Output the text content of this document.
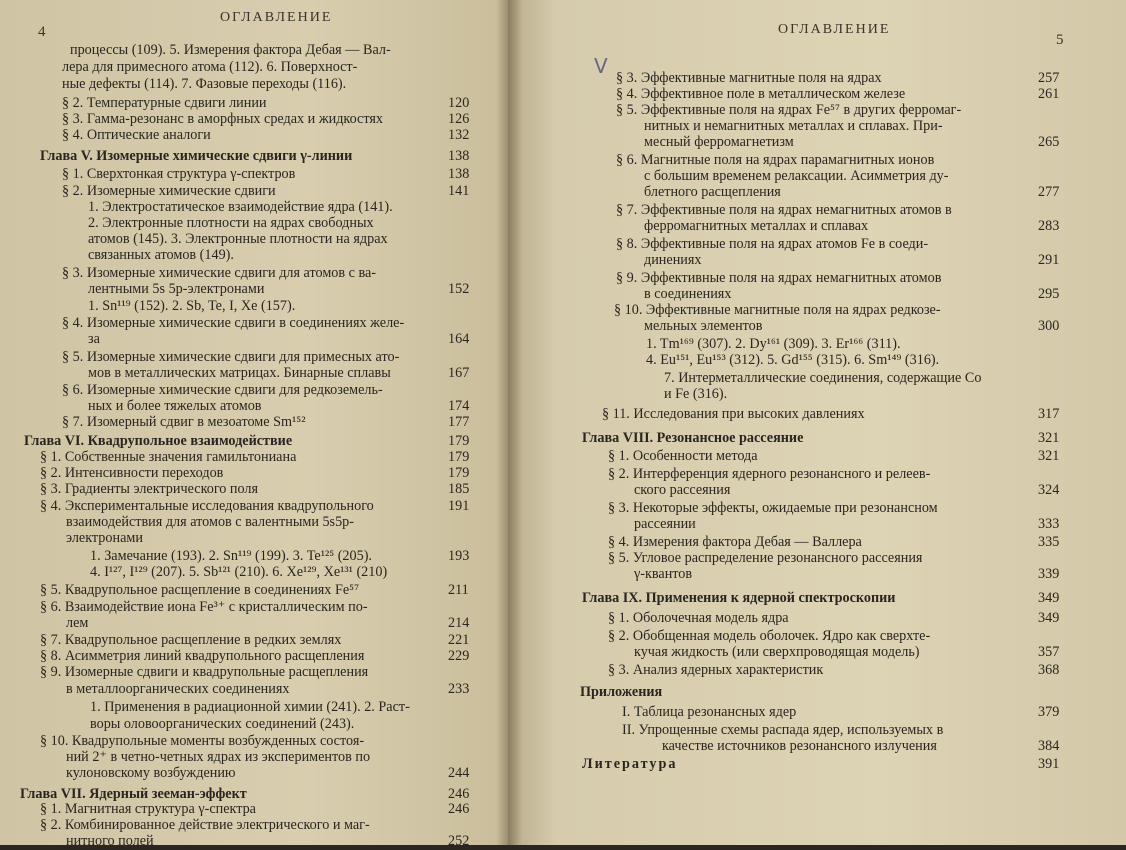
4
ОГЛАВЛЕНИЕ
процессы (109). 5. Измерения фактора Дебая — Вал-
лера для примесного атома (112). 6. Поверхност-
ные дефекты (114). 7. Фазовые переходы (116).
§ 2. Температурные сдвиги линии	120
§ 3. Гамма-резонанс в аморфных средах и жидкостях	126
§ 4. Оптические аналоги	132
Глава V. Изомерные химические сдвиги γ-линии	138
§ 1. Сверхтонкая структура γ-спектров	138
§ 2. Изомерные химические сдвиги	141
1. Электростатическое взаимодействие ядра (141).
2. Электронные плотности на ядрах свободных
атомов (145). 3. Электронные плотности на ядрах
связанных атомов (149).
§ 3. Изомерные химические сдвиги для атомов с ва-
лентными 5s 5p-электронами	152
1. Sn¹¹⁹ (152). 2. Sb, Te, I, Xe (157).
§ 4. Изомерные химические сдвиги в соединениях желе-
за	164
§ 5. Изомерные химические сдвиги для примесных ато-
мов в металлических матрицах. Бинарные сплавы	167
§ 6. Изомерные химические сдвиги для редкоземель-
ных и более тяжелых атомов	174
§ 7. Изомерный сдвиг в мезоатоме Sm¹⁵²	177
Глава VI. Квадрупольное взаимодействие	179
§ 1. Собственные значения гамильтониана	179
§ 2. Интенсивности переходов	179
§ 3. Градиенты электрического поля	185
§ 4. Экспериментальные исследования квадрупольного	191
взаимодействия для атомов с валентными 5s5p-
электронами
1. Замечание (193). 2. Sn¹¹⁹ (199). 3. Te¹²⁵ (205).	193
4. I¹²⁷, I¹²⁹ (207). 5. Sb¹²¹ (210). 6. Xe¹²⁹, Xe¹³¹ (210)
§ 5. Квадрупольное расщепление в соединениях Fe⁵⁷	211
§ 6. Взаимодействие иона Fe³⁺ с кристаллическим по-
лем	214
§ 7. Квадрупольное расщепление в редких землях	221
§ 8. Асимметрия линий квадрупольного расщепления	229
§ 9. Изомерные сдвиги и квадрупольные расщепления
в металлоорганических соединениях	233
1. Применения в радиационной химии (241). 2. Раст-
воры оловоорганических соединений (243).
§ 10. Квадрупольные моменты возбужденных состоя-
ний 2⁺ в четно-четных ядрах из экспериментов по
кулоновскому возбуждению	244
Глава VII. Ядерный зееман-эффект	246
§ 1. Магнитная структура γ-спектра	246
§ 2. Комбинированное действие электрического и маг-
нитного полей	252
ОГЛАВЛЕНИЕ
5
V § 3. Эффективные магнитные поля на ядрах	257
§ 4. Эффективное поле в металлическом железе	261
§ 5. Эффективные поля на ядрах Fe⁵⁷ в других ферромаг-
нитных и немагнитных металлах и сплавах. При-
месный ферромагнетизм	265
§ 6. Магнитные поля на ядрах парамагнитных ионов
с большим временем релаксации. Асимметрия ду-
блетного расщепления	277
§ 7. Эффективные поля на ядрах немагнитных атомов в
ферромагнитных металлах и сплавах	283
§ 8. Эффективные поля на ядрах атомов Fe в соеди-
динениях	291
§ 9. Эффективные поля на ядрах немагнитных атомов
в соединениях	295
§ 10. Эффективные магнитные поля на ядрах редкозе-
мельных элементов	300
1. Tm¹⁶⁹ (307). 2. Dy¹⁶¹ (309). 3. Er¹⁶⁶ (311).
4. Eu¹⁵¹, Eu¹⁵³ (312). 5. Gd¹⁵⁵ (315). 6. Sm¹⁴⁹ (316).
7. Интерметаллические соединения, содержащие Co
и Fe (316).
§ 11. Исследования при высоких давлениях	317
Глава VIII. Резонансное рассеяние	321
§ 1. Особенности метода	321
§ 2. Интерференция ядерного резонансного и релеев-
ского рассеяния	324
§ 3. Некоторые эффекты, ожидаемые при резонансном
рассеянии	333
§ 4. Измерения фактора Дебая — Валлера	335
§ 5. Угловое распределение резонансного рассеяния
γ-квантов	339
Глава IX. Применения к ядерной спектроскопии	349
§ 1. Оболочечная модель ядра	349
§ 2. Обобщенная модель оболочек. Ядро как сверхте-
кучая жидкость (или сверхпроводящая модель)	357
§ 3. Анализ ядерных характеристик	368
Приложения
I. Таблица резонансных ядер	379
II. Упрощенные схемы распада ядер, используемых в
качестве источников резонансного излучения	384
Литература	391
